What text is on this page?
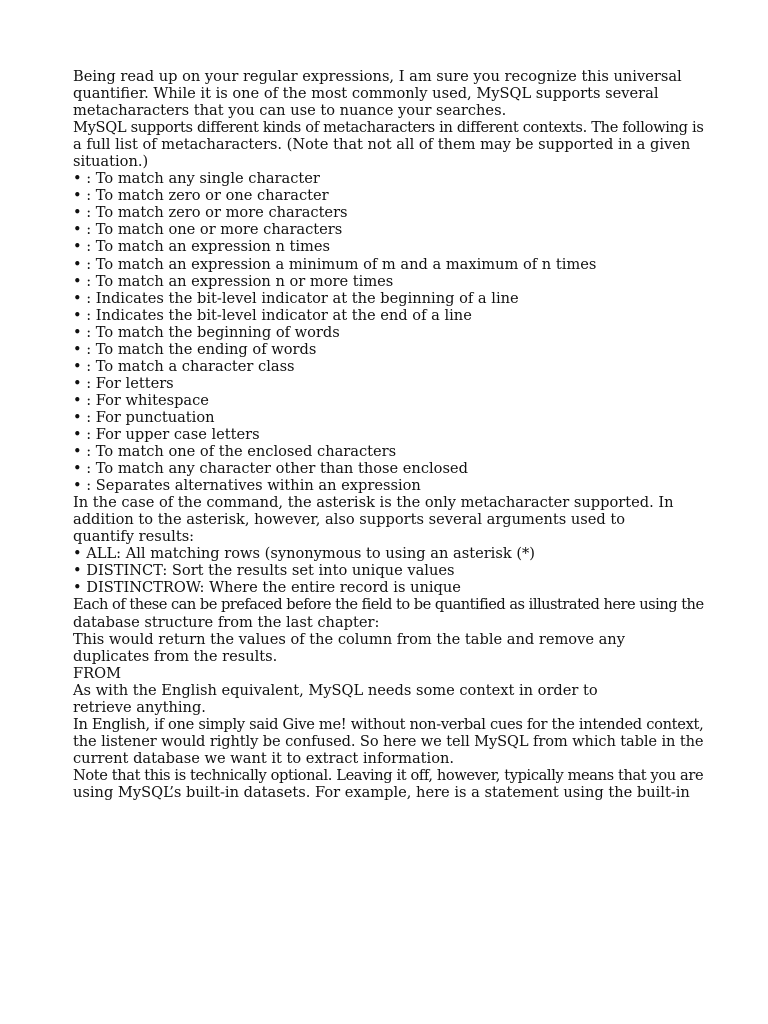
Being read up on your regular expressions, I am sure you recognize this universal
quantifier. While it is one of the most commonly used, MySQL supports several
metacharacters that you can use to nuance your searches.
MySQL supports different kinds of metacharacters in different contexts. The following is
a full list of metacharacters. (Note that not all of them may be supported in a given
situation.)
• : To match any single character
• : To match zero or one character
• : To match zero or more characters
• : To match one or more characters
• : To match an expression n times
• : To match an expression a minimum of m and a maximum of n times
• : To match an expression n or more times
• : Indicates the bit-level indicator at the beginning of a line
• : Indicates the bit-level indicator at the end of a line
• : To match the beginning of words
• : To match the ending of words
• : To match a character class
• : For letters
• : For whitespace
• : For punctuation
• : For upper case letters
• : To match one of the enclosed characters
• : To match any character other than those enclosed
• : Separates alternatives within an expression
In the case of the command, the asterisk is the only metacharacter supported. In
addition to the asterisk, however, also supports several arguments used to
quantify results:
• ALL: All matching rows (synonymous to using an asterisk (*)
• DISTINCT: Sort the results set into unique values
• DISTINCTROW: Where the entire record is unique
Each of these can be prefaced before the field to be quantified as illustrated here using the
database structure from the last chapter:
This would return the values of the column from the table and remove any
duplicates from the results.
FROM
As with the English equivalent, MySQL needs some context in order to
retrieve anything.
In English, if one simply said Give me! without non-verbal cues for the intended context,
the listener would rightly be confused. So here we tell MySQL from which table in the
current database we want it to extract information.
Note that this is technically optional. Leaving it off, however, typically means that you are
using MySQL’s built-in datasets. For example, here is a statement using the built-in
